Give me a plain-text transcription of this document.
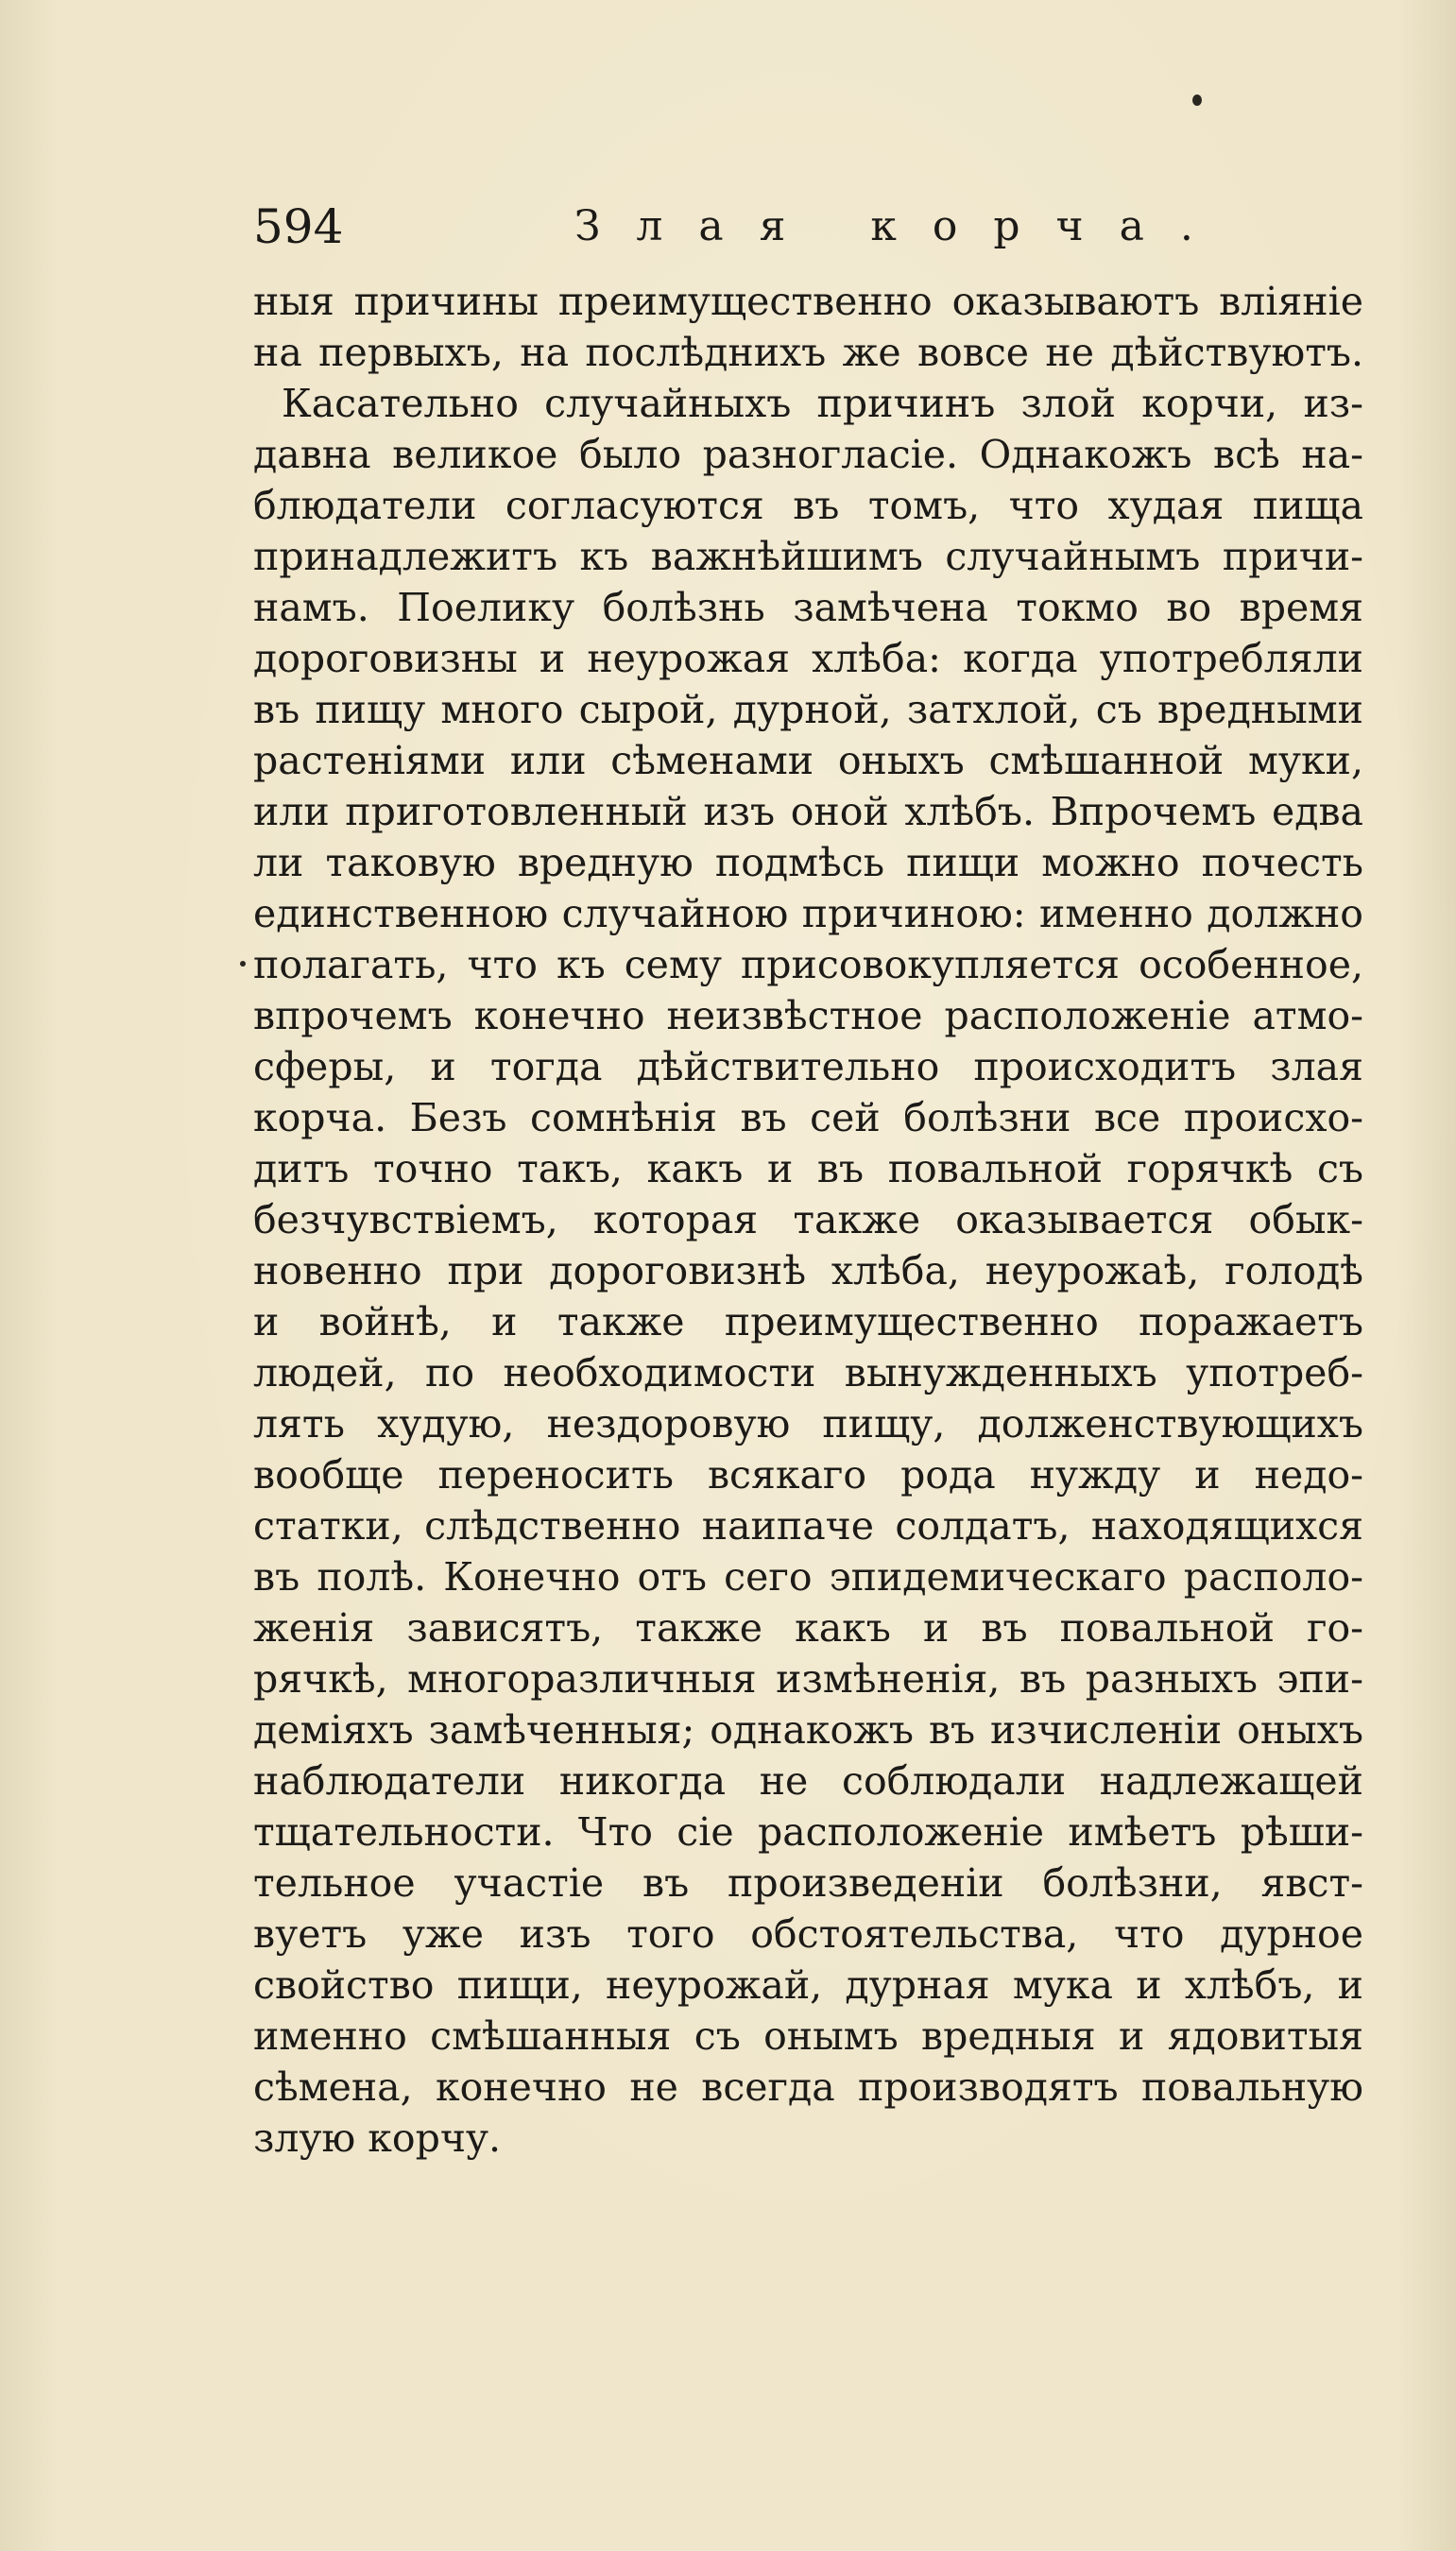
594	Злая корча.
ныя причины преимущественно оказываютъ вліяніе
на первыхъ, на послѣднихъ же вовсе не дѣйствуютъ.
Касательно случайныхъ причинъ злой корчи, из-
давна великое было разногласіе. Однакожъ всѣ на-
блюдатели согласуются въ томъ, что худая пища
принадлежитъ къ важнѣйшимъ случайнымъ причи-
намъ. Поелику болѣзнь замѣчена токмо во время
дороговизны и неурожая хлѣба: когда употребляли
въ пищу много сырой, дурной, затхлой, съ вредными
растеніями или сѣменами оныхъ смѣшанной муки,
или приготовленный изъ оной хлѣбъ. Впрочемъ едва
ли таковую вредную подмѣсь пищи можно почесть
единственною случайною причиною: именно должно
полагать, что къ сему присовокупляется особенное,
впрочемъ конечно неизвѣстное расположеніе атмо-
сферы, и тогда дѣйствительно происходитъ злая
корча. Безъ сомнѣнія въ сей болѣзни все происхо-
дитъ точно такъ, какъ и въ повальной горячкѣ съ
безчувствіемъ, которая также оказывается обык-
новенно при дороговизнѣ хлѣба, неурожаѣ, голодѣ
и войнѣ, и также преимущественно поражаетъ
людей, по необходимости вынужденныхъ употреб-
лять худую, нездоровую пищу, долженствующихъ
вообще переносить всякаго рода нужду и недо-
статки, слѣдственно наипаче солдатъ, находящихся
въ полѣ. Конечно отъ сего эпидемическаго располо-
женія зависятъ, также какъ и въ повальной го-
рячкѣ, многоразличныя измѣненія, въ разныхъ эпи-
деміяхъ замѣченныя; однакожъ въ изчисленіи оныхъ
наблюдатели никогда не соблюдали надлежащей
тщательности. Что сіе расположеніе имѣетъ рѣши-
тельное участіе въ произведеніи болѣзни, явст-
вуетъ уже изъ того обстоятельства, что дурное
свойство пищи, неурожай, дурная мука и хлѣбъ, и
именно смѣшанныя съ онымъ вредныя и ядовитыя
сѣмена, конечно не всегда производятъ повальную
злую корчу.
